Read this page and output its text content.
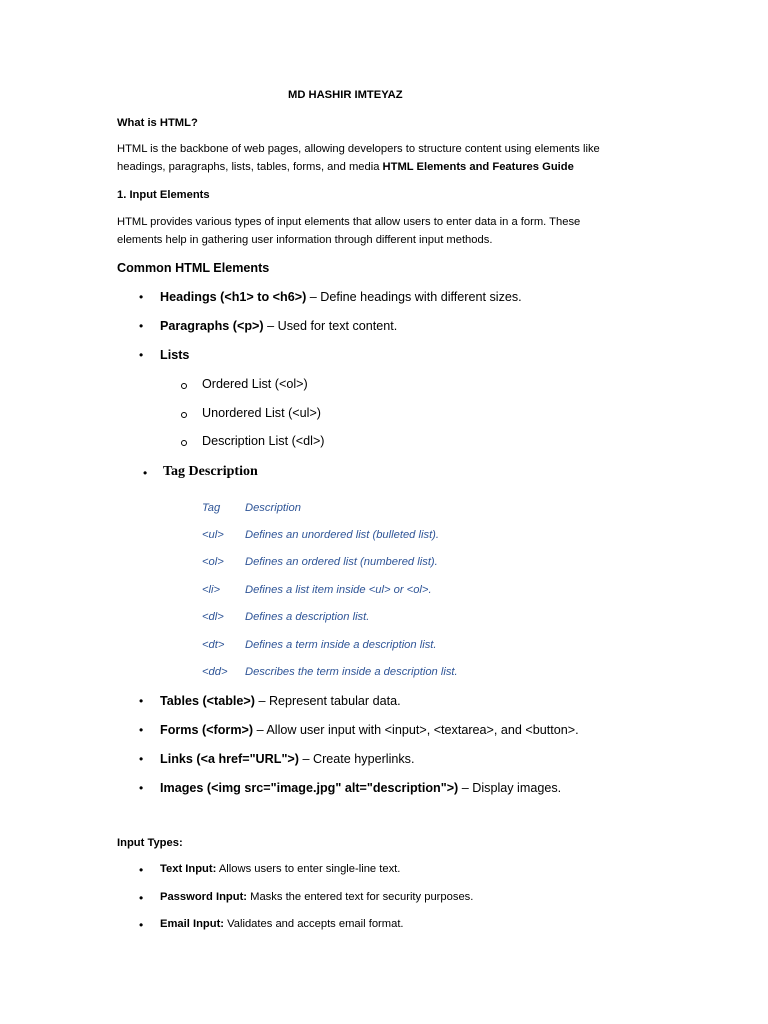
MD HASHIR IMTEYAZ
What is HTML?
HTML is the backbone of web pages, allowing developers to structure content using elements like
headings, paragraphs, lists, tables, forms, and media HTML Elements and Features Guide
1. Input Elements
HTML provides various types of input elements that allow users to enter data in a form. These
elements help in gathering user information through different input methods.
Common HTML Elements
• Headings (<h1> to <h6>) – Define headings with different sizes.
• Paragraphs (<p>) – Used for text content.
• Lists
Ordered List (<ol>)
Unordered List (<ul>)
Description List (<dl>)
• Tag Description
Tag Description
<ul> Defines an unordered list (bulleted list).
<ol> Defines an ordered list (numbered list).
<li> Defines a list item inside <ul> or <ol>.
<dl> Defines a description list.
<dt> Defines a term inside a description list.
<dd> Describes the term inside a description list.
• Tables (<table>) – Represent tabular data.
• Forms (<form>) – Allow user input with <input>, <textarea>, and <button>.
• Links (<a href="URL">) – Create hyperlinks.
• Images (<img src="image.jpg" alt="description">) – Display images.
Input Types:
• Text Input: Allows users to enter single-line text.
• Password Input: Masks the entered text for security purposes.
• Email Input: Validates and accepts email format.
